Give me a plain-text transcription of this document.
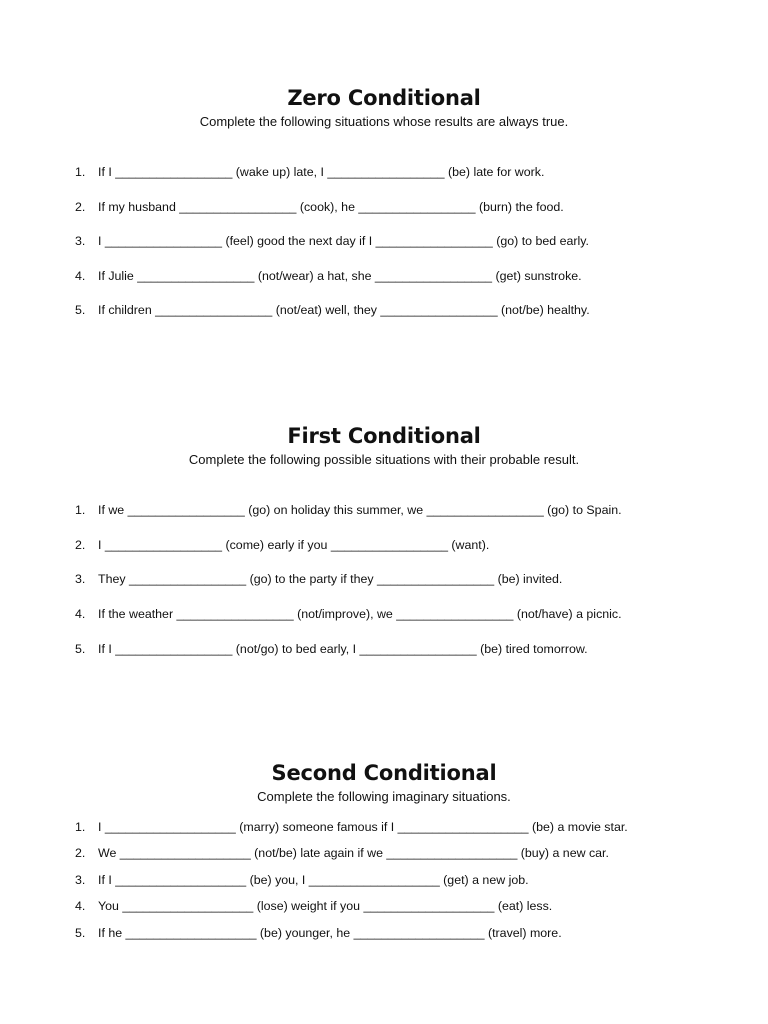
Zero Conditional

Complete the following situations whose results are always true.

1. If I _________________ (wake up) late, I _________________ (be) late for work.
2. If my husband _________________ (cook), he _________________ (burn) the food.
3. I _________________ (feel) good the next day if I _________________ (go) to bed early.
4. If Julie _________________ (not/wear) a hat, she _________________ (get) sunstroke.
5. If children _________________ (not/eat) well, they _________________ (not/be) healthy.
First Conditional

Complete the following possible situations with their probable result.

1. If we _________________ (go) on holiday this summer, we _________________ (go) to Spain.
2. I _________________ (come) early if you _________________ (want).
3. They _________________ (go) to the party if they _________________ (be) invited.
4. If the weather _________________ (not/improve), we _________________ (not/have) a picnic.
5. If I _________________ (not/go) to bed early, I _________________ (be) tired tomorrow.
Second Conditional

Complete the following imaginary situations.

1. I ___________________ (marry) someone famous if I ___________________ (be) a movie star.
2. We ___________________ (not/be) late again if we ___________________ (buy) a new car.
3. If I ___________________ (be) you, I ___________________ (get) a new job.
4. You ___________________ (lose) weight if you ___________________ (eat) less.
5. If he ___________________ (be) younger, he ___________________ (travel) more.
